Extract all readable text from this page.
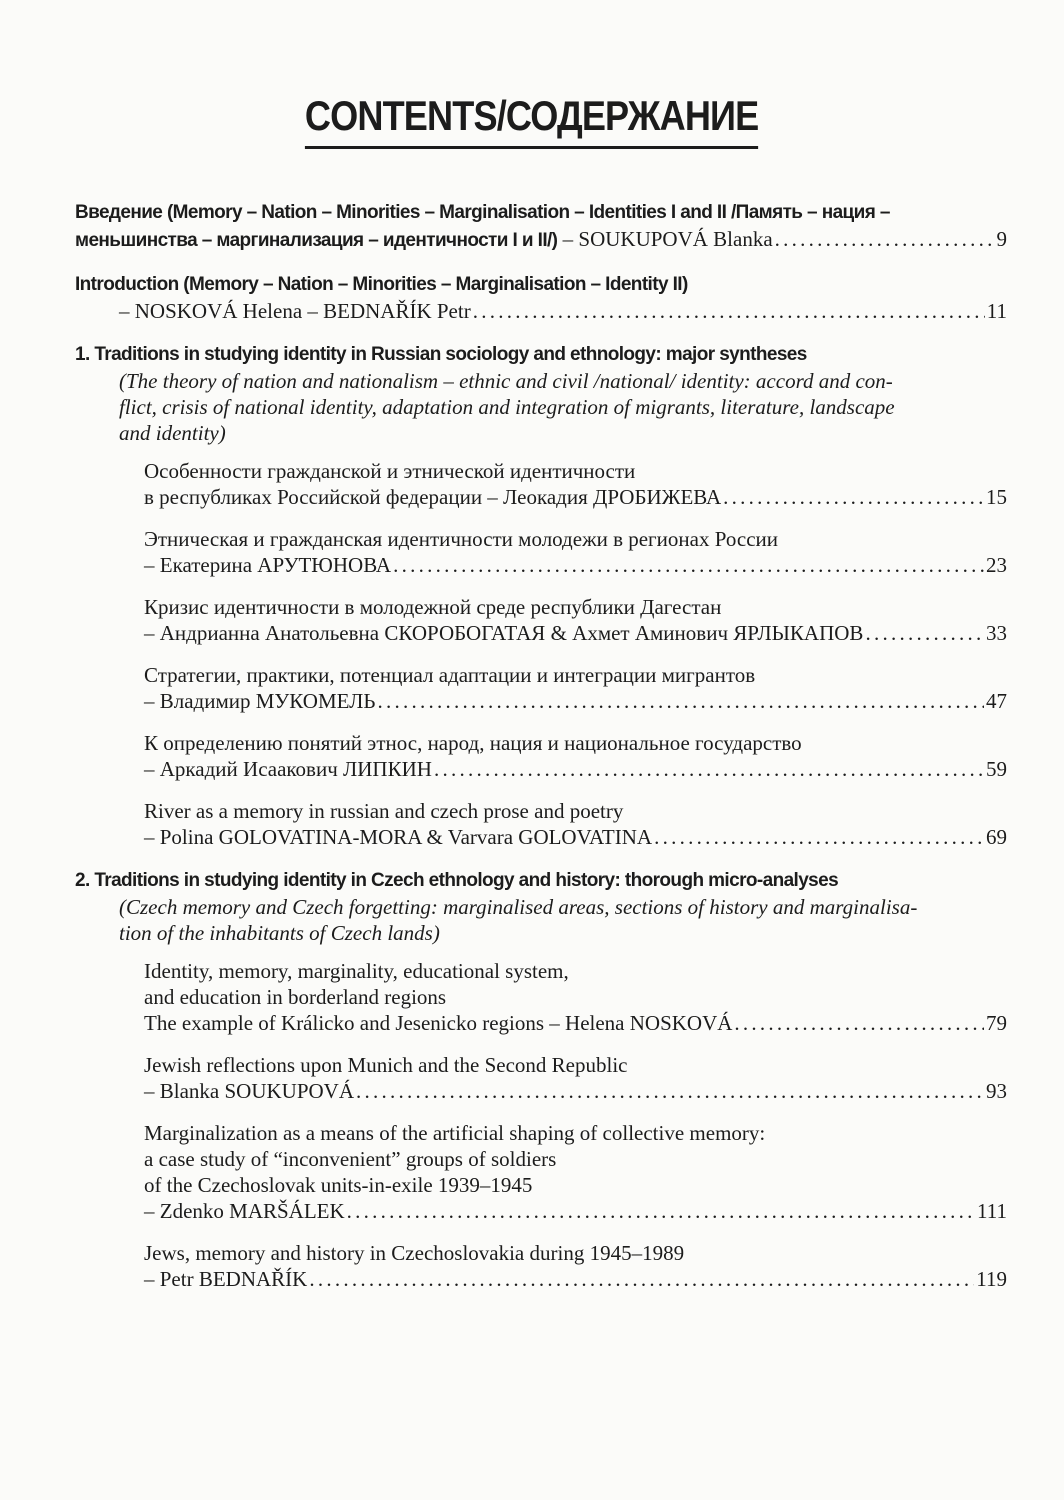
CONTENTS/СОДЕРЖАНИЕ
Введение (Memory – Nation – Minorities – Marginalisation – Identities I and II /Память – нация –
меньшинства – маргинализация – идентичности I и II/) – SOUKUPOVÁ Blanka . . .	9
Introduction (Memory – Nation – Minorities – Marginalisation – Identity II)
– NOSKOVÁ Helena – BEDNAŘÍK Petr . . .	11
1. Traditions in studying identity in Russian sociology and ethnology: major syntheses
(The theory of nation and nationalism – ethnic and civil /national/ identity: accord and con-
flict, crisis of national identity, adaptation and integration of migrants, literature, landscape
and identity)
Особенности гражданской и этнической идентичности
в республиках Российской федерации – Леокадия ДРОБИЖЕВА . . .	15
Этническая и гражданская идентичности молодежи в регионах России
– Екатерина АРУТЮНОВА . . .	23
Кризис идентичности в молодежной среде республики Дагестан
– Андрианна Анатольевна СКОРОБОГАТАЯ & Ахмет Аминович ЯРЛЫКАПОВ . . .	33
Стратегии, практики, потенциал адаптации и интеграции мигрантов
– Владимир МУКОМЕЛЬ . . .	47
К определению понятий этнос, народ, нация и национальное государство
– Аркадий Исаакович ЛИПКИН . . .	59
River as a memory in russian and czech prose and poetry
– Polina GOLOVATINA-MORA & Varvara GOLOVATINA . . .	69
2. Traditions in studying identity in Czech ethnology and history: thorough micro-analyses
(Czech memory and Czech forgetting: marginalised areas, sections of history and marginalisa-
tion of the inhabitants of Czech lands)
Identity, memory, marginality, educational system,
and education in borderland regions
The example of Králicko and Jesenicko regions – Helena NOSKOVÁ . . .	79
Jewish reflections upon Munich and the Second Republic
– Blanka SOUKUPOVÁ . . .	93
Marginalization as a means of the artificial shaping of collective memory:
a case study of “inconvenient” groups of soldiers
of the Czechoslovak units-in-exile 1939–1945
– Zdenko MARŠÁLEK . . .	111
Jews, memory and history in Czechoslovakia during 1945–1989
– Petr BEDNAŘÍK . . .	119
